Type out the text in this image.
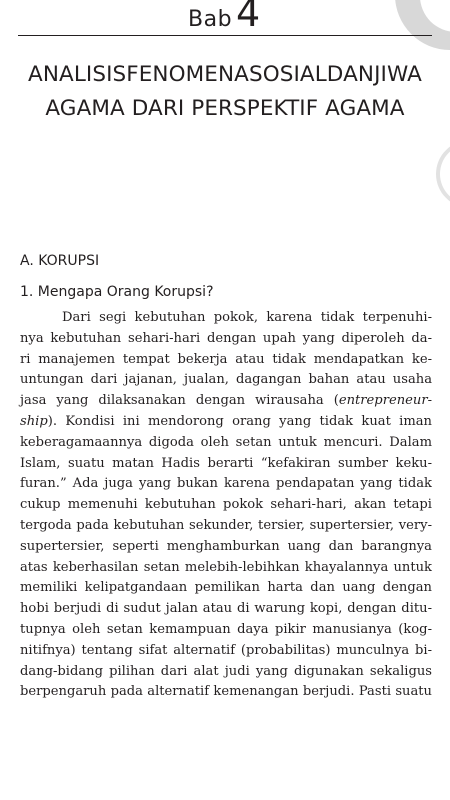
Bab 4
ANALISISFENOMENASOSIALDANJIWA
AGAMA DARI PERSPEKTIF AGAMA
A. KORUPSI
1. Mengapa Orang Korupsi?
Dari segi kebutuhan pokok, karena tidak terpenuhi-
nya kebutuhan sehari-hari dengan upah yang diperoleh da-
ri manajemen tempat bekerja atau tidak mendapatkan ke-
untungan dari jajanan, jualan, dagangan bahan atau usaha
jasa yang dilaksanakan dengan wirausaha (entrepreneur-
ship). Kondisi ini mendorong orang yang tidak kuat iman
keberagamaannya digoda oleh setan untuk mencuri. Dalam
Islam, suatu matan Hadis berarti “kefakiran sumber keku-
furan.” Ada juga yang bukan karena pendapatan yang tidak
cukup memenuhi kebutuhan pokok sehari-hari, akan tetapi
tergoda pada kebutuhan sekunder, tersier, supertersier, very-
supertersier, seperti menghamburkan uang dan barangnya
atas keberhasilan setan melebih-lebihkan khayalannya untuk
memiliki kelipatgandaan pemilikan harta dan uang dengan
hobi berjudi di sudut jalan atau di warung kopi, dengan ditu-
tupnya oleh setan kemampuan daya pikir manusianya (kog-
nitifnya) tentang sifat alternatif (probabilitas) munculnya bi-
dang-bidang pilihan dari alat judi yang digunakan sekaligus
berpengaruh pada alternatif kemenangan berjudi. Pasti suatu
